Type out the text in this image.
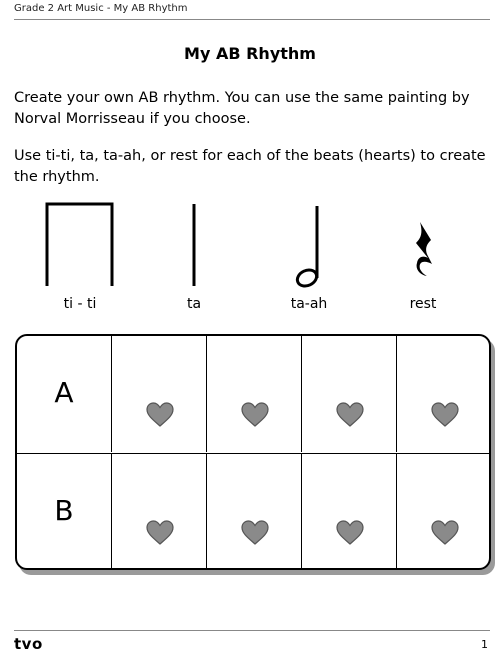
Grade 2 Art Music - My AB Rhythm
My AB Rhythm
Create your own AB rhythm. You can use the same painting by Norval Morrisseau if you choose.
Use ti-ti, ta, ta-ah, or rest for each of the beats (hearts) to create the rhythm.
ti - ti	ta	ta-ah	rest
A
B
tvo	1
